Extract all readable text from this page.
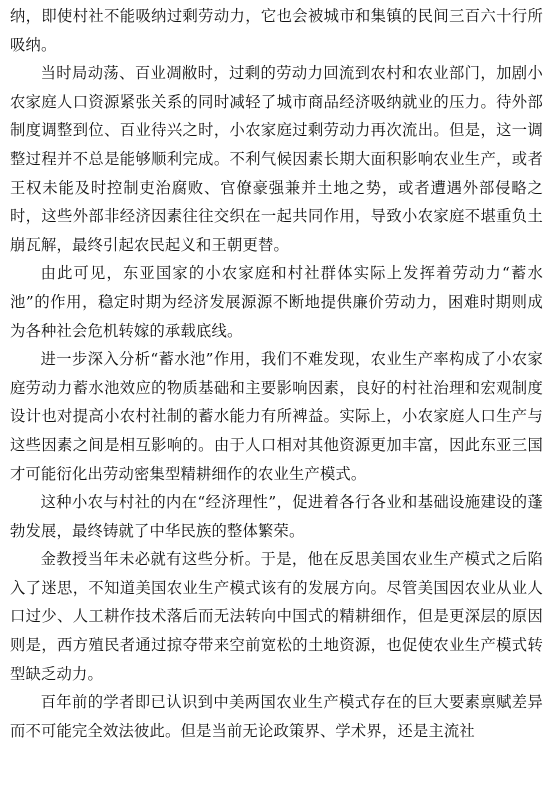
纳，即使村社不能吸纳过剩劳动力，它也会被城市和集镇的民间三百六十行所吸纳。

当时局动荡、百业凋敝时，过剩的劳动力回流到农村和农业部门，加剧小农家庭人口资源紧张关系的同时减轻了城市商品经济吸纳就业的压力。待外部制度调整到位、百业待兴之时，小农家庭过剩劳动力再次流出。但是，这一调整过程并不总是能够顺利完成。不利气候因素长期大面积影响农业生产，或者王权未能及时控制吏治腐败、官僚豪强兼并土地之势，或者遭遇外部侵略之时，这些外部非经济因素往往交织在一起共同作用，导致小农家庭不堪重负土崩瓦解，最终引起农民起义和王朝更替。

由此可见，东亚国家的小农家庭和村社群体实际上发挥着劳动力“蓄水池”的作用，稳定时期为经济发展源源不断地提供廉价劳动力，困难时期则成为各种社会危机转嫁的承载底线。

进一步深入分析“蓄水池”作用，我们不难发现，农业生产率构成了小农家庭劳动力蓄水池效应的物质基础和主要影响因素，良好的村社治理和宏观制度设计也对提高小农村社制的蓄水能力有所裨益。实际上，小农家庭人口生产与这些因素之间是相互影响的。由于人口相对其他资源更加丰富，因此东亚三国才可能衍化出劳动密集型精耕细作的农业生产模式。

这种小农与村社的内在“经济理性”，促进着各行各业和基础设施建设的蓬勃发展，最终铸就了中华民族的整体繁荣。

金教授当年未必就有这些分析。于是，他在反思美国农业生产模式之后陷入了迷思，不知道美国农业生产模式该有的发展方向。尽管美国因农业从业人口过少、人工耕作技术落后而无法转向中国式的精耕细作，但是更深层的原因则是，西方殖民者通过掠夺带来空前宽松的土地资源，也促使农业生产模式转型缺乏动力。

百年前的学者即已认识到中美两国农业生产模式存在的巨大要素禀赋差异而不可能完全效法彼此。但是当前无论政策界、学术界，还是主流社
